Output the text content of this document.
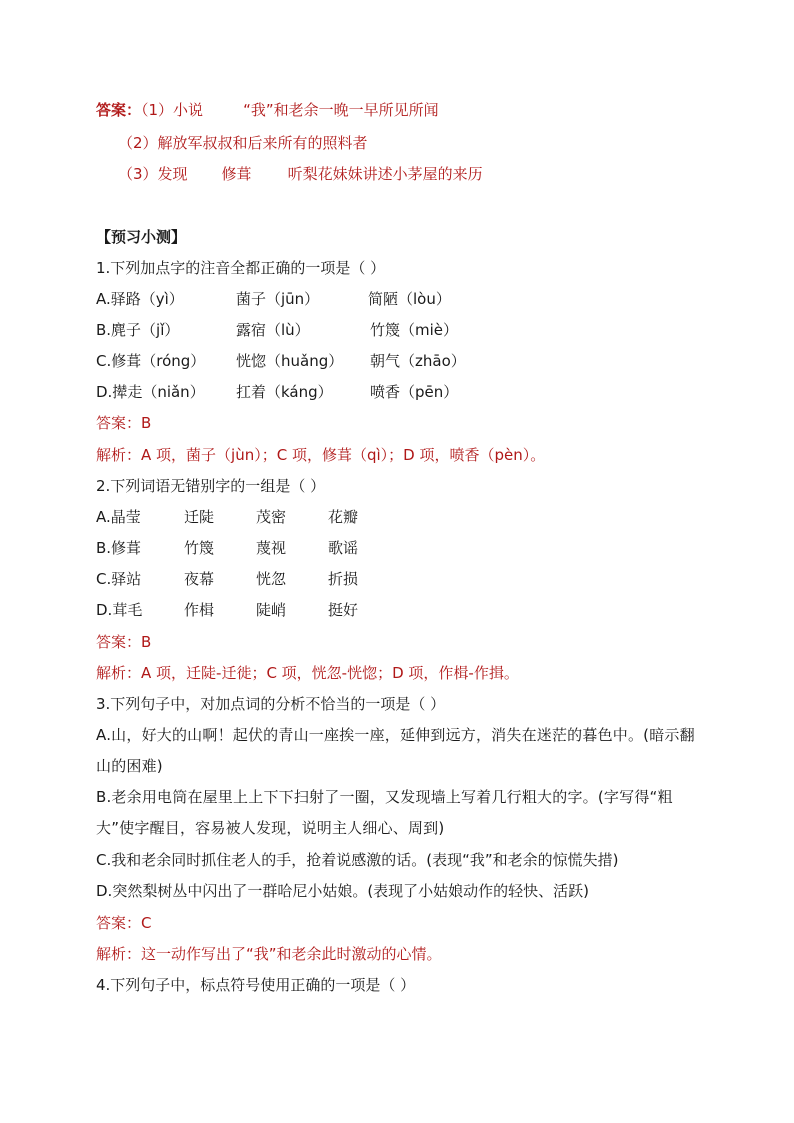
答案：（1）小说	“我”和老余一晚一早所见所闻
（2）解放军叔叔和后来所有的照料者
（3）发现 修葺 听梨花妹妹讲述小茅屋的来历
【预习小测】
1.下列加点字的注音全都正确的一项是（ ）
A.驿路（yì）	菌子（jūn）	简陋（lòu）
B.麂子（jǐ）	露宿（lù）	竹篾（miè）
C.修葺（róng） 恍惚（huǎng） 朝气（zhāo）
D.撵走（niǎn） 扛着（káng） 喷香（pēn）
答案：B
解析：A 项，菌子（jùn）；C 项，修葺（qì）；D 项，喷香（pèn）。
2.下列词语无错别字的一组是（ ）
A.晶莹	迁陡	茂密	花瓣
B.修葺	竹篾	蔑视	歌谣
C.驿站	夜幕	恍忽	折损
D.茸毛	作楫	陡峭	挺好
答案：B
解析：A 项，迁陡-迁徙；C 项，恍忽-恍惚；D 项，作楫-作揖。
3.下列句子中，对加点词的分析不恰当的一项是（ ）
A.山，好大的山啊！起伏的青山一座挨一座，延伸到远方，消失在迷茫的暮色中。(暗示翻山的困难)
B.老余用电筒在屋里上上下下扫射了一圈，又发现墙上写着几行粗大的字。(字写得“粗大”使字醒目，容易被人发现，说明主人细心、周到)
C.我和老余同时抓住老人的手，抢着说感激的话。(表现“我”和老余的惊慌失措)
D.突然梨树丛中闪出了一群哈尼小姑娘。(表现了小姑娘动作的轻快、活跃)
答案：C
解析：这一动作写出了“我”和老余此时激动的心情。
4.下列句子中，标点符号使用正确的一项是（ ）
